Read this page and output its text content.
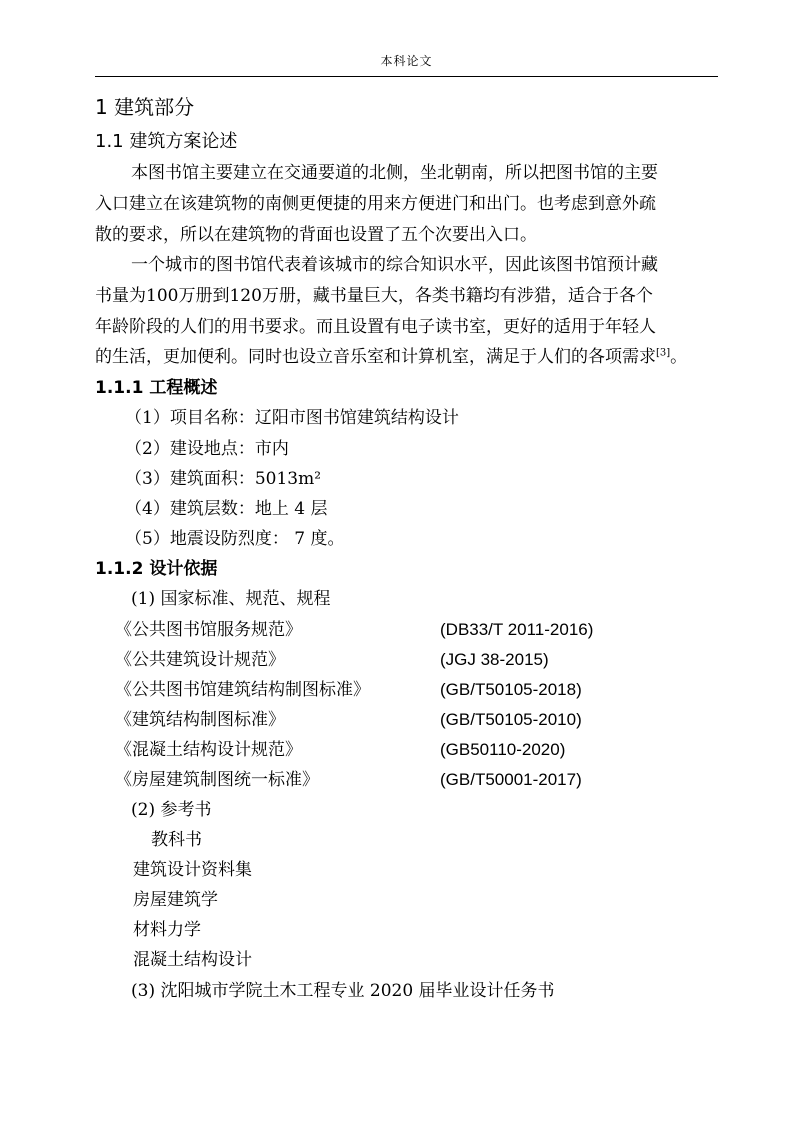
本科论文
1 建筑部分
1.1 建筑方案论述
本图书馆主要建立在交通要道的北侧，坐北朝南，所以把图书馆的主要
入口建立在该建筑物的南侧更便捷的用来方便进门和出门。也考虑到意外疏
散的要求，所以在建筑物的背面也设置了五个次要出入口。
一个城市的图书馆代表着该城市的综合知识水平，因此该图书馆预计藏
书量为100万册到120万册，藏书量巨大，各类书籍均有涉猎，适合于各个
年龄阶段的人们的用书要求。而且设置有电子读书室，更好的适用于年轻人
的生活，更加便利。同时也设立音乐室和计算机室，满足于人们的各项需求[3]。
1.1.1 工程概述
（1）项目名称：辽阳市图书馆建筑结构设计
（2）建设地点：市内
（3）建筑面积：5013m²
（4）建筑层数：地上 4 层
（5）地震设防烈度： 7 度。
1.1.2 设计依据
(1) 国家标准、规范、规程
《公共图书馆服务规范》	(DB33/T 2011-2016)
《公共建筑设计规范》	(JGJ 38-2015)
《公共图书馆建筑结构制图标准》	(GB/T50105-2018)
《建筑结构制图标准》	(GB/T50105-2010)
《混凝土结构设计规范》	(GB50110-2020)
《房屋建筑制图统一标准》	(GB/T50001-2017)
(2) 参考书
教科书
建筑设计资料集
房屋建筑学
材料力学
混凝土结构设计
(3) 沈阳城市学院土木工程专业 2020 届毕业设计任务书
